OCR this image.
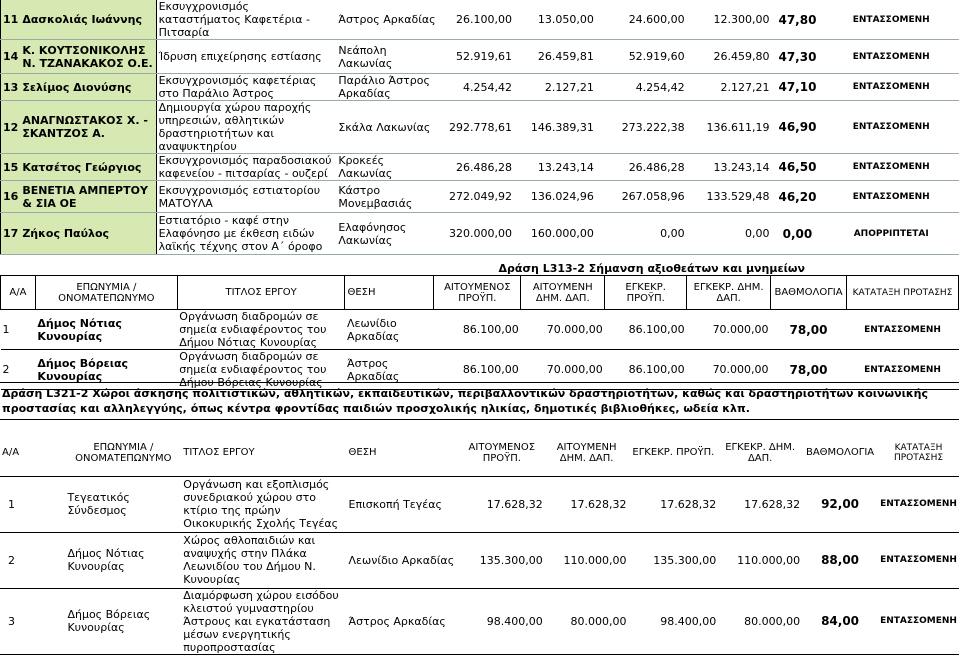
11	Δασκολιάς Ιωάννης	Εκσυγχρονισμός καταστήματος Καφετέρια - Πιτσαρία	Άστρος Αρκαδίας	26.100,00	13.050,00	24.600,00	12.300,00	47,80	ΕΝΤΑΣΣΟΜΕΝΗ
14	Κ. ΚΟΥΤΣΟΝΙΚΟΛΗΣ Ν. ΤΖΑΝΑΚΑΚΟΣ Ο.Ε.	Ίδρυση επιχείρησης εστίασης	Νεάπολη Λακωνίας	52.919,61	26.459,81	52.919,60	26.459,80	47,30	ΕΝΤΑΣΣΟΜΕΝΗ
13	Σελίμος Διονύσης	Εκσυγχρονισμός καφετέριας στο Παράλιο Άστρος	Παράλιο Άστρος Αρκαδίας	4.254,42	2.127,21	4.254,42	2.127,21	47,10	ΕΝΤΑΣΣΟΜΕΝΗ
12	ΑΝΑΓΝΩΣΤΑΚΟΣ Χ. - ΣΚΑΝΤΖΟΣ Α.	Δημιουργία χώρου παροχής υπηρεσιών, αθλητικών δραστηριοτήτων και αναψυκτηρίου	Σκάλα Λακωνίας	292.778,61	146.389,31	273.222,38	136.611,19	46,90	ΕΝΤΑΣΣΟΜΕΝΗ
15	Κατσέτος Γεώργιος	Εκσυγχρονισμός παραδοσιακού καφενείου - πιτσαρίας - ουζερί	Κροκεές Λακωνίας	26.486,28	13.243,14	26.486,28	13.243,14	46,50	ΕΝΤΑΣΣΟΜΕΝΗ
16	ΒΕΝΕΤΙΑ ΑΜΠΕΡΤΟΥ & ΣΙΑ ΟΕ	Εκσυγχρονισμός εστιατορίου ΜΑΤΟΥΛΑ	Κάστρο Μονεμβασιάς	272.049,92	136.024,96	267.058,96	133.529,48	46,20	ΕΝΤΑΣΣΟΜΕΝΗ
17	Ζήκος Παύλος	Εστιατόριο - καφέ στην Ελαφόνησο με έκθεση ειδών λαϊκής τέχνης στον Α΄ όροφο	Ελαφόνησος Λακωνίας	320.000,00	160.000,00	0,00	0,00	0,00	ΑΠΟΡΡΙΠΤΕΤΑΙ
			Δράση L313-2 Σήμανση αξιοθεάτων και μνημείων						
Α/Α	ΕΠΩΝΥΜΙΑ / ΟΝΟΜΑΤΕΠΩΝΥΜΟ	ΤΙΤΛΟΣ ΕΡΓΟΥ	ΘΕΣΗ	ΑΙΤΟΥΜΕΝΟΣ ΠΡΟΫΠ.	ΑΙΤΟΥΜΕΝΗ ΔΗΜ. ΔΑΠ.	ΕΓΚΕΚΡ. ΠΡΟΫΠ.	ΕΓΚΕΚΡ. ΔΗΜ. ΔΑΠ.	ΒΑΘΜΟΛΟΓΙΑ	ΚΑΤΑΤΑΞΗ ΠΡΟΤΑΣΗΣ
1	Δήμος Νότιας Κυνουρίας	Οργάνωση διαδρομών σε σημεία ενδιαφέροντος του Δήμου Νότιας Κυνουρίας	Λεωνίδιο Αρκαδίας	86.100,00	70.000,00	86.100,00	70.000,00	78,00	ΕΝΤΑΣΣΟΜΕΝΗ
2	Δήμος Βόρειας Κυνουρίας	Οργάνωση διαδρομών σε σημεία ενδιαφέροντος του Δήμου Βόρειας Κυνουρίας	Άστρος Αρκαδίας	86.100,00	70.000,00	86.100,00	70.000,00	78,00	ΕΝΤΑΣΣΟΜΕΝΗ
Δράση L321-2 Χώροι άσκησης πολιτιστικών, αθλητικών, εκπαιδευτικών, περιβαλλοντικών δραστηριοτήτων, καθώς και δραστηριοτήτων κοινωνικής προστασίας και αλληλεγγύης, όπως κέντρα φροντίδας παιδιών προσχολικής ηλικίας, δημοτικές βιβλιοθήκες, ωδεία κλπ.
Α/Α	ΕΠΩΝΥΜΙΑ / ΟΝΟΜΑΤΕΠΩΝΥΜΟ	ΤΙΤΛΟΣ ΕΡΓΟΥ	ΘΕΣΗ	ΑΙΤΟΥΜΕΝΟΣ ΠΡΟΫΠ.	ΑΙΤΟΥΜΕΝΗ ΔΗΜ. ΔΑΠ.	ΕΓΚΕΚΡ. ΠΡΟΫΠ.	ΕΓΚΕΚΡ. ΔΗΜ. ΔΑΠ.	ΒΑΘΜΟΛΟΓΙΑ	ΚΑΤΑΤΑΞΗ ΠΡΟΤΑΣΗΣ
1	Τεγεατικός Σύνδεσμος	Οργάνωση και εξοπλισμός συνεδριακού χώρου στο κτίριο της πρώην Οικοκυρικής Σχολής Τεγέας	Επισκοπή Τεγέας	17.628,32	17.628,32	17.628,32	17.628,32	92,00	ΕΝΤΑΣΣΟΜΕΝΗ
2	Δήμος Νότιας Κυνουρίας	Χώρος αθλοπαιδιών και αναψυχής στην Πλάκα Λεωνιδίου του Δήμου Ν. Κυνουρίας	Λεωνίδιο Αρκαδίας	135.300,00	110.000,00	135.300,00	110.000,00	88,00	ΕΝΤΑΣΣΟΜΕΝΗ
3	Δήμος Βόρειας Κυνουρίας	Διαμόρφωση χώρου εισόδου κλειστού γυμναστηρίου Άστρους και εγκατάσταση μέσων ενεργητικής πυροπροστασίας	Άστρος Αρκαδίας	98.400,00	80.000,00	98.400,00	80.000,00	84,00	ΕΝΤΑΣΣΟΜΕΝΗ
